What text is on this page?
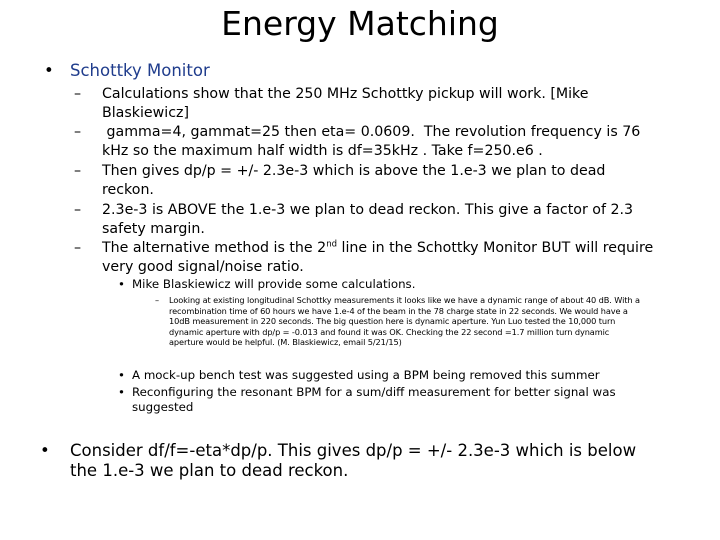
Energy Matching
• Schottky Monitor
–	Calculations show that the 250 MHz Schottky pickup will work. [Mike Blaskiewicz]
–	gamma=4, gammat=25 then eta= 0.0609.  The revolution frequency is 76 kHz so the maximum half width is df=35kHz . Take f=250.e6 .
–	Then gives dp/p = +/- 2.3e-3 which is above the 1.e-3 we plan to dead reckon.
–	2.3e-3 is ABOVE the 1.e-3 we plan to dead reckon. This give a factor of 2.3 safety margin.
–	The alternative method is the 2nd line in the Schottky Monitor BUT will require very good signal/noise ratio.
• Mike Blaskiewicz will provide some calculations.
–	Looking at existing longitudinal Schottky measurements it looks like we have a dynamic range of about 40 dB. With a recombination time of 60 hours we have 1.e-4 of the beam in the 78 charge state in 22 seconds. We would have a 10dB measurement in 220 seconds. The big question here is dynamic aperture. Yun Luo tested the 10,000 turn dynamic aperture with dp/p = -0.013 and found it was OK. Checking the 22 second =1.7 million turn dynamic aperture would be helpful. (M. Blaskiewicz, email 5/21/15)
• A mock-up bench test was suggested using a BPM being removed this summer
• Reconfiguring the resonant BPM for a sum/diff measurement for better signal was suggested
•	Consider df/f=-eta*dp/p. This gives dp/p = +/- 2.3e-3 which is below the 1.e-3 we plan to dead reckon.
